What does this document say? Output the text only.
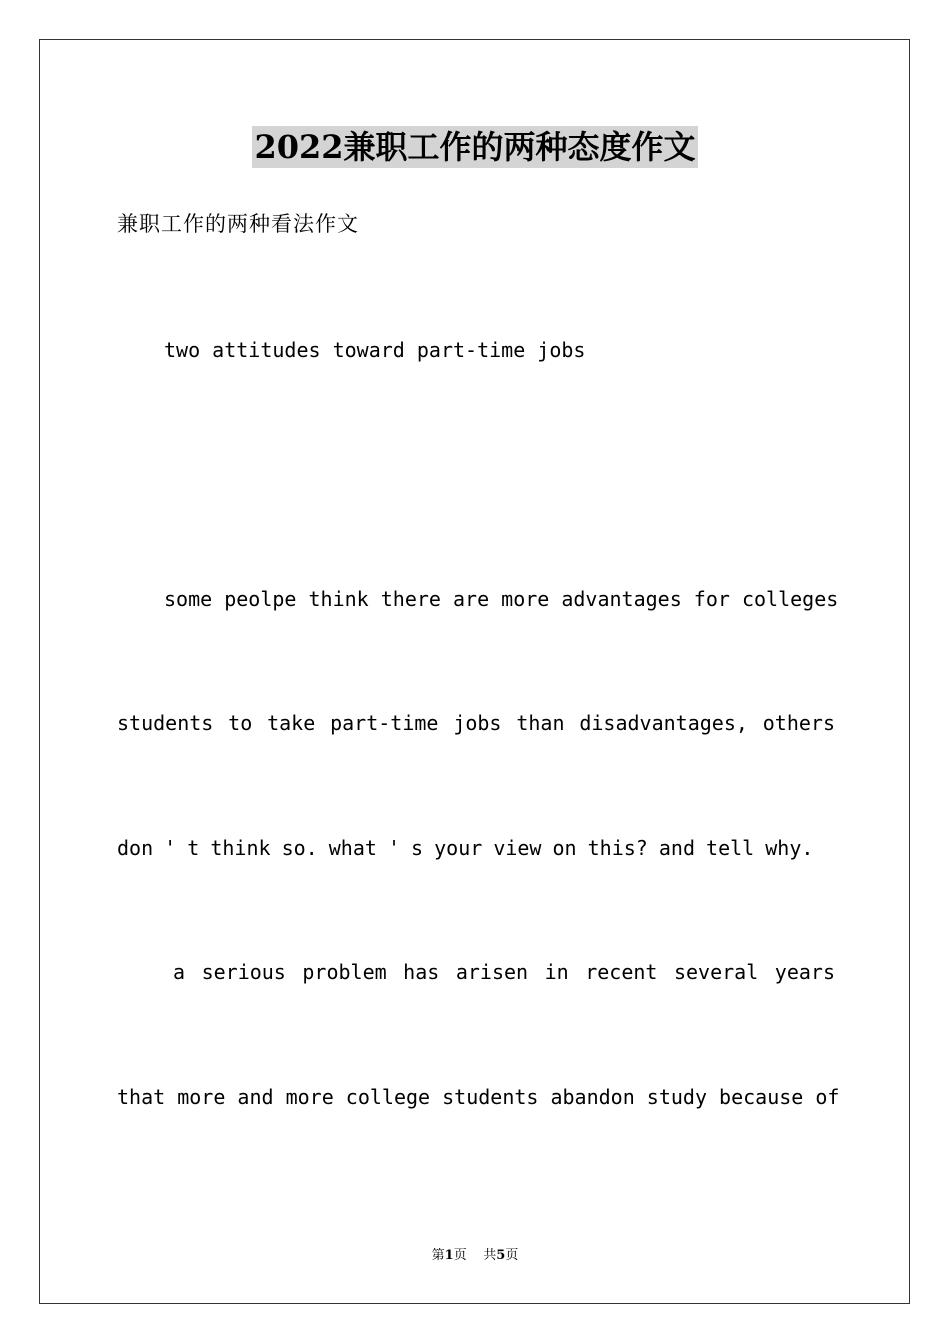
2022兼职工作的两种态度作文
兼职工作的两种看法作文
two attitudes toward part-time jobs
some peolpe think there are more advantages for colleges
students to take part-time jobs than disadvantages, others
don ' t think so. what ' s your view on this? and tell why.
a serious problem has arisen in recent several years
that more and more college students abandon study because of
第1页 共5页
